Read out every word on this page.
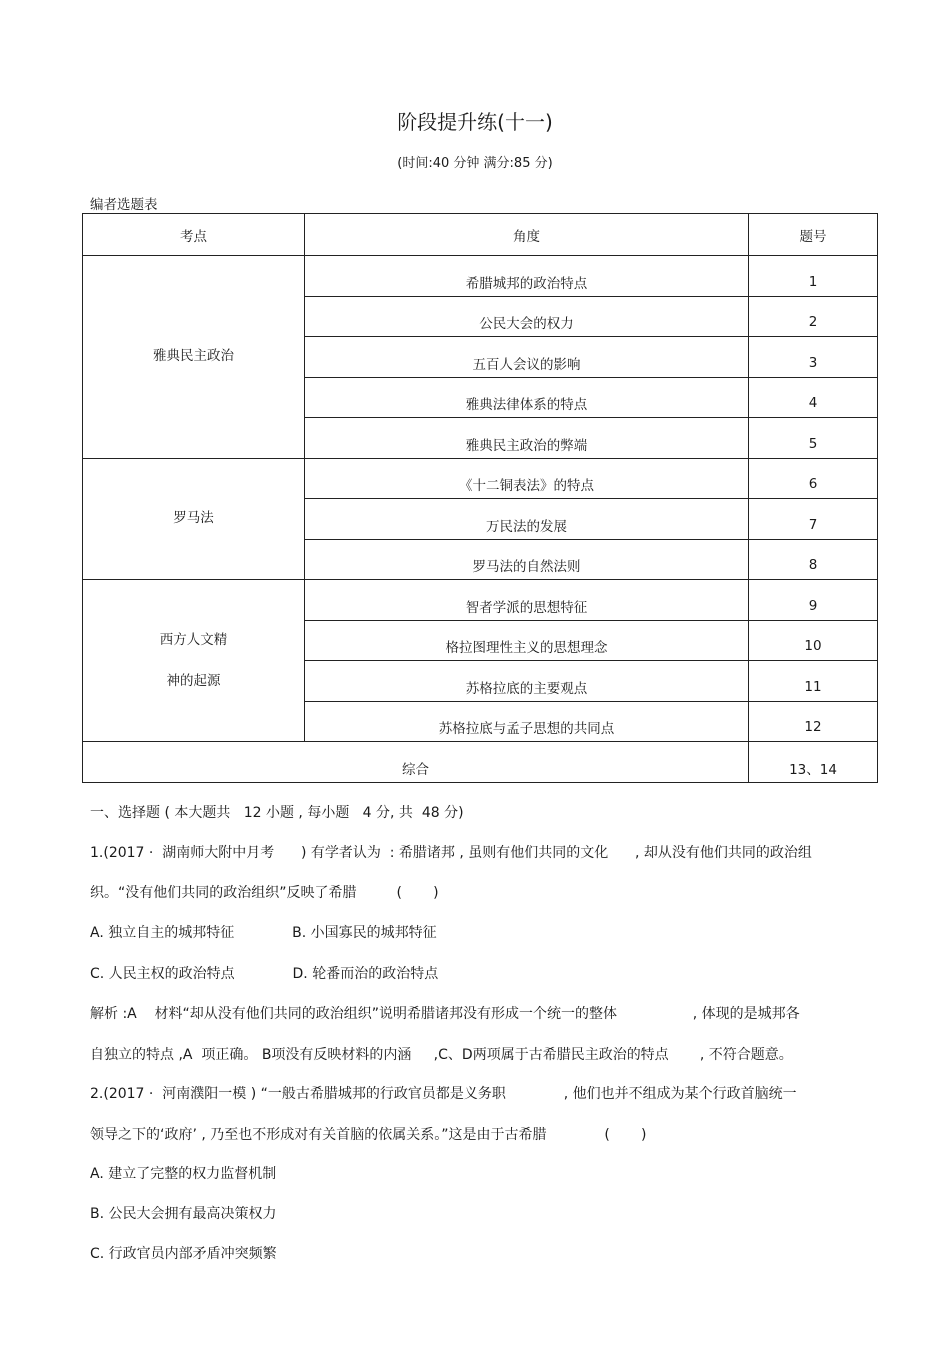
阶段提升练(十一)
(时间:40 分钟 满分:85 分)
编者选题表
考点	角度	题号

雅典民主政治	希腊城邦的政治特点	1
	公民大会的权力	2
	五百人会议的影响	3
	雅典法律体系的特点	4
	雅典民主政治的弊端	5

罗马法	《十二铜表法》的特点	6
	万民法的发展	7
	罗马法的自然法则	8

西方人文精
神的起源	智者学派的思想特征	9
	格拉图理性主义的思想理念	10
	苏格拉底的主要观点	11
	苏格拉底与孟子思想的共同点	12
综合		13、14
一、选择题 ( 本大题共   12 小题 , 每小题   4 分, 共  48 分)
1.(2017 ·  湖南师大附中月考      ) 有学者认为  : 希腊诸邦 , 虽则有他们共同的文化      , 却从没有他们共同的政治组
织。“没有他们共同的政治组织”反映了希腊         (       )
A. 独立自主的城邦特征             B. 小国寡民的城邦特征
C. 人民主权的政治特点             D. 轮番而治的政治特点
解析 :A    材料“却从没有他们共同的政治组织”说明希腊诸邦没有形成一个统一的整体                 , 体现的是城邦各
自独立的特点 ,A  项正确。 B项没有反映材料的内涵     ,C、D两项属于古希腊民主政治的特点       , 不符合题意。
2.(2017 ·  河南濮阳一模 ) “一般古希腊城邦的行政官员都是义务职             , 他们也并不组成为某个行政首脑统一
领导之下的‘政府’ , 乃至也不形成对有关首脑的依属关系。”这是由于古希腊             (       )
A. 建立了完整的权力监督机制
B. 公民大会拥有最高决策权力
C. 行政官员内部矛盾冲突频繁
